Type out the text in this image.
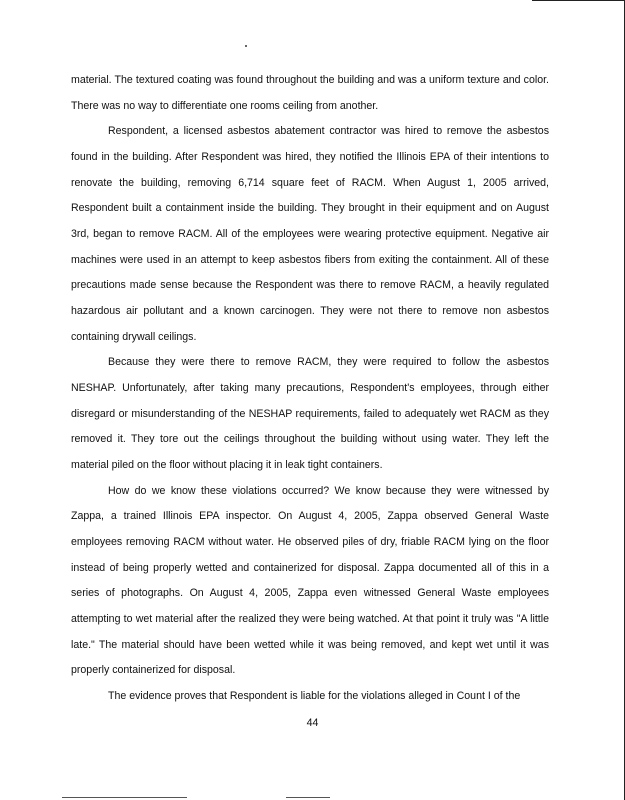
material. The textured coating was found throughout the building and was a uniform texture and color. There was no way to differentiate one rooms ceiling from another.

Respondent, a licensed asbestos abatement contractor was hired to remove the asbestos found in the building. After Respondent was hired, they notified the Illinois EPA of their intentions to renovate the building, removing 6,714 square feet of RACM. When August 1, 2005 arrived, Respondent built a containment inside the building. They brought in their equipment and on August 3rd, began to remove RACM. All of the employees were wearing protective equipment. Negative air machines were used in an attempt to keep asbestos fibers from exiting the containment. All of these precautions made sense because the Respondent was there to remove RACM, a heavily regulated hazardous air pollutant and a known carcinogen. They were not there to remove non asbestos containing drywall ceilings.

Because they were there to remove RACM, they were required to follow the asbestos NESHAP. Unfortunately, after taking many precautions, Respondent's employees, through either disregard or misunderstanding of the NESHAP requirements, failed to adequately wet RACM as they removed it. They tore out the ceilings throughout the building without using water. They left the material piled on the floor without placing it in leak tight containers.

How do we know these violations occurred? We know because they were witnessed by Zappa, a trained Illinois EPA inspector. On August 4, 2005, Zappa observed General Waste employees removing RACM without water. He observed piles of dry, friable RACM lying on the floor instead of being properly wetted and containerized for disposal. Zappa documented all of this in a series of photographs. On August 4, 2005, Zappa even witnessed General Waste employees attempting to wet material after the realized they were being watched. At that point it truly was "A little late." The material should have been wetted while it was being removed, and kept wet until it was properly containerized for disposal.

The evidence proves that Respondent is liable for the violations alleged in Count I of the

44
